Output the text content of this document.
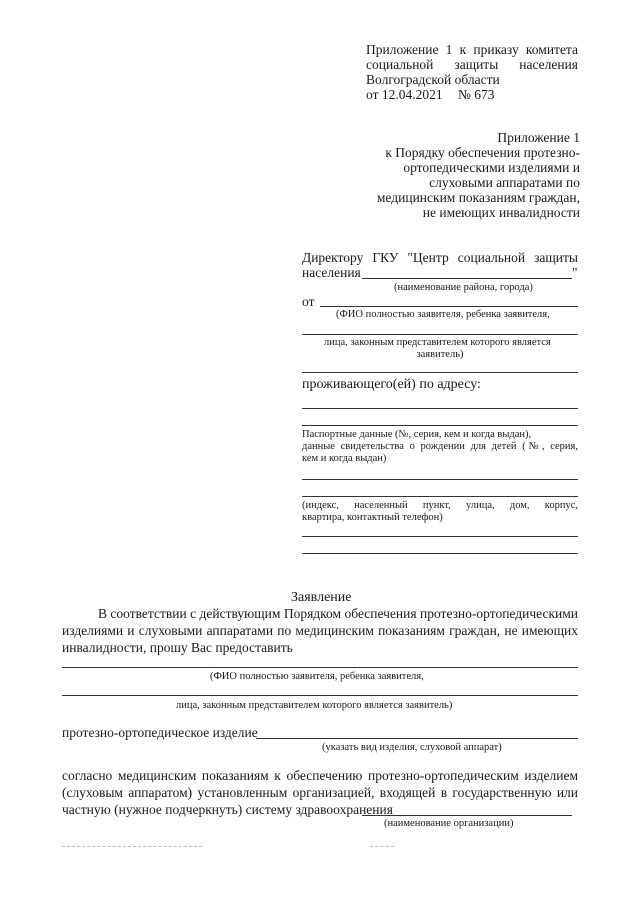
Приложение 1 к приказу комитета
социальной защиты населения
Волгоградской области
от 12.04.2021 № 673
Приложение 1
к Порядку обеспечения протезно-
ортопедическими изделиями и
слуховыми аппаратами по
медицинским показаниям граждан,
не имеющих инвалидности
Директору ГКУ "Центр социальной защиты
населения	"
(наименование района, города)
от
(ФИО полностью заявителя, ребенка заявителя,
лица, законным представителем которого является
заявитель)
проживающего(ей) по адресу:
Паспортные данные (№, серия, кем и когда выдан),
данные свидетельства о рождении для детей (№, серия,
кем и когда выдан)
(индекс, населенный пункт, улица, дом, корпус,
квартира, контактный телефон)
Заявление
В соответствии с действующим Порядком обеспечения протезно-ортопедическими
изделиями и слуховыми аппаратами по медицинским показаниям граждан, не имеющих
инвалидности, прошу Вас предоставить
(ФИО полностью заявителя, ребенка заявителя,
лица, законным представителем которого является заявитель)
протезно-ортопедическое изделие
(указать вид изделия, слуховой аппарат)
согласно медицинским показаниям к обеспечению протезно-ортопедическим изделием
(слуховым аппаратом) установленным организацией, входящей в государственную или
частную (нужное подчеркнуть) систему здравоохранения
(наименование организации)
